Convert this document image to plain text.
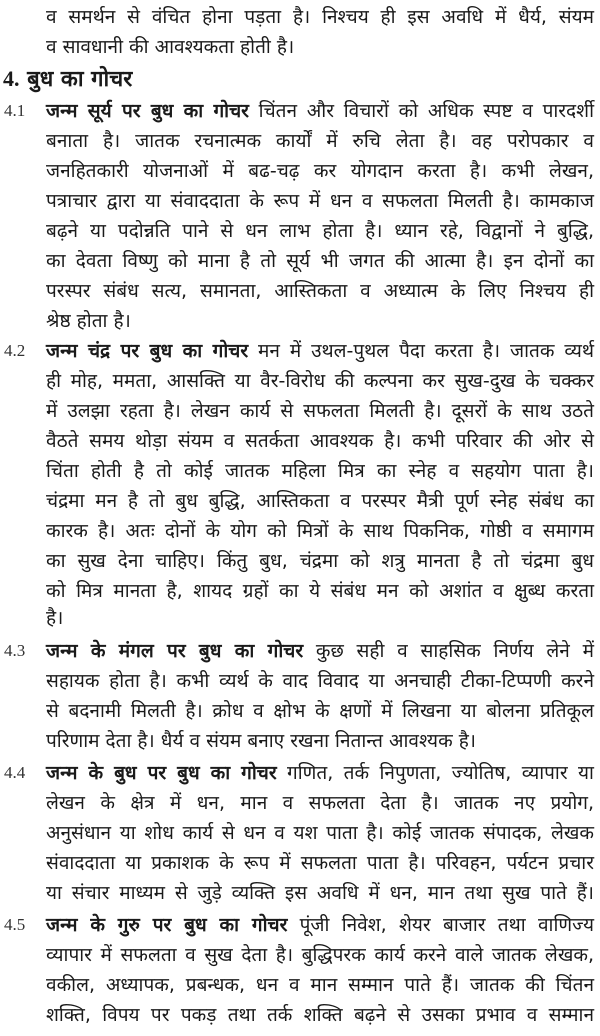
व समर्थन से वंचित होना पड़ता है। निश्चय ही इस अवधि में धैर्य, संयम
व सावधानी की आवश्यकता होती है।
4. बुध का गोचर
4.1 जन्म सूर्य पर बुध का गोचर चिंतन और विचारों को अधिक स्पष्ट व पारदर्शी
बनाता है। जातक रचनात्मक कार्यों में रुचि लेता है। वह परोपकार व
जनहितकारी योजनाओं में बढ-चढ़ कर योगदान करता है। कभी लेखन,
पत्राचार द्वारा या संवाददाता के रूप में धन व सफलता मिलती है। कामकाज
बढ़ने या पदोन्नति पाने से धन लाभ होता है। ध्यान रहे, विद्वानों ने बुद्धि,
का देवता विष्णु को माना है तो सूर्य भी जगत की आत्मा है। इन दोनों का
परस्पर संबंध सत्य, समानता, आस्तिकता व अध्यात्म के लिए निश्चय ही
श्रेष्ठ होता है।
4.2 जन्म चंद्र पर बुध का गोचर मन में उथल-पुथल पैदा करता है। जातक व्यर्थ
ही मोह, ममता, आसक्ति या वैर-विरोध की कल्पना कर सुख-दुख के चक्कर
में उलझा रहता है। लेखन कार्य से सफलता मिलती है। दूसरों के साथ उठते
वैठते समय थोड़ा संयम व सतर्कता आवश्यक है। कभी परिवार की ओर से
चिंता होती है तो कोई जातक महिला मित्र का स्नेह व सहयोग पाता है।
चंद्रमा मन है तो बुध बुद्धि, आस्तिकता व परस्पर मैत्री पूर्ण स्नेह संबंध का
कारक है। अतः दोनों के योग को मित्रों के साथ पिकनिक, गोष्ठी व समागम
का सुख देना चाहिए। किंतु बुध, चंद्रमा को शत्रु मानता है तो चंद्रमा बुध
को मित्र मानता है, शायद ग्रहों का ये संबंध मन को अशांत व क्षुब्ध करता
है।
4.3 जन्म के मंगल पर बुध का गोचर कुछ सही व साहसिक निर्णय लेने में
सहायक होता है। कभी व्यर्थ के वाद विवाद या अनचाही टीका-टिप्पणी करने
से बदनामी मिलती है। क्रोध व क्षोभ के क्षणों में लिखना या बोलना प्रतिकूल
परिणाम देता है। धैर्य व संयम बनाए रखना नितान्त आवश्यक है।
4.4 जन्म के बुध पर बुध का गोचर गणित, तर्क निपुणता, ज्योतिष, व्यापार या
लेखन के क्षेत्र में धन, मान व सफलता देता है। जातक नए प्रयोग,
अनुसंधान या शोध कार्य से धन व यश पाता है। कोई जातक संपादक, लेखक
संवाददाता या प्रकाशक के रूप में सफलता पाता है। परिवहन, पर्यटन प्रचार
या संचार माध्यम से जुड़े व्यक्ति इस अवधि में धन, मान तथा सुख पाते हैं।
4.5 जन्म के गुरु पर बुध का गोचर पूंजी निवेश, शेयर बाजार तथा वाणिज्य
व्यापार में सफलता व सुख देता है। बुद्धिपरक कार्य करने वाले जातक लेखक,
वकील, अध्यापक, प्रबन्धक, धन व मान सम्मान पाते हैं। जातक की चिंतन
शक्ति, विपय पर पकड़ तथा तर्क शक्ति बढ़ने से उसका प्रभाव व सम्मान
